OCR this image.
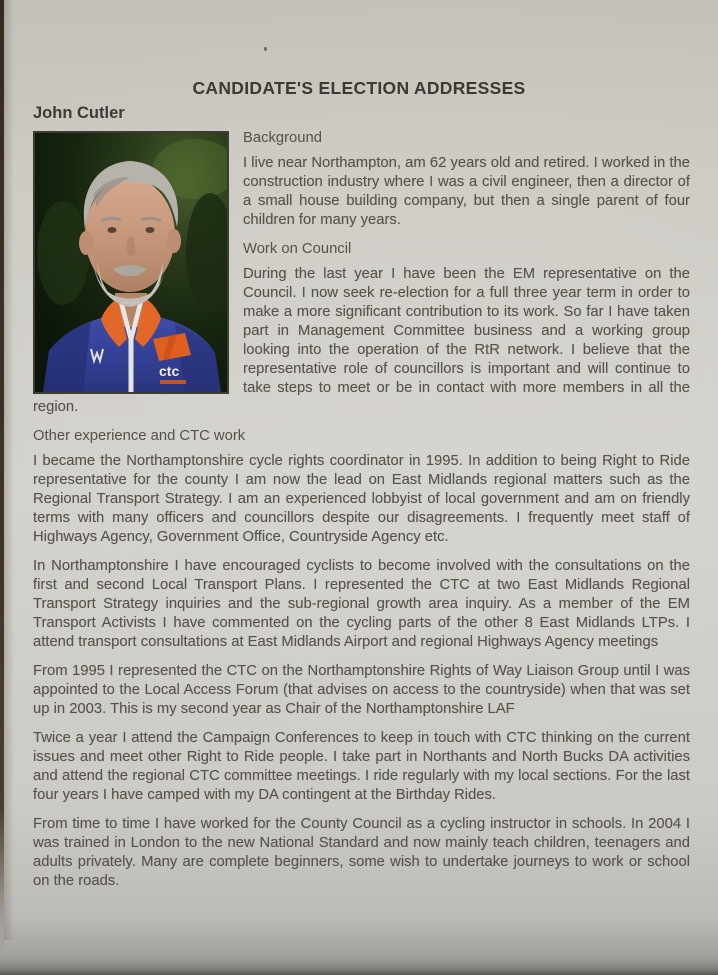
CANDIDATE'S ELECTION ADDRESSES
John Cutler
ctc
Background

I live near Northampton, am 62 years old and retired. I worked in the construction industry where I was a civil engineer, then a director of a small house building company, but then a single parent of four children for many years.

Work on Council

During the last year I have been the EM representative on the Council. I now seek re-election for a full three year term in order to make a more significant contribution to its work. So far I have taken part in Management Committee business and a working group looking into the operation of the RtR network. I believe that the representative role of councillors is important and will continue to take steps to meet or be in contact with more members in all the region.

Other experience and CTC work

I became the Northamptonshire cycle rights coordinator in 1995. In addition to being Right to Ride representative for the county I am now the lead on East Midlands regional matters such as the Regional Transport Strategy. I am an experienced lobbyist of local government and am on friendly terms with many officers and councillors despite our disagreements. I frequently meet staff of Highways Agency, Government Office, Countryside Agency etc.

In Northamptonshire I have encouraged cyclists to become involved with the consultations on the first and second Local Transport Plans. I represented the CTC at two East Midlands Regional Transport Strategy inquiries and the sub-regional growth area inquiry. As a member of the EM Transport Activists I have commented on the cycling parts of the other 8 East Midlands LTPs. I attend transport consultations at East Midlands Airport and regional Highways Agency meetings

From 1995 I represented the CTC on the Northamptonshire Rights of Way Liaison Group until I was appointed to the Local Access Forum (that advises on access to the countryside) when that was set up in 2003. This is my second year as Chair of the Northamptonshire LAF

Twice a year I attend the Campaign Conferences to keep in touch with CTC thinking on the current issues and meet other Right to Ride people. I take part in Northants and North Bucks DA activities and attend the regional CTC committee meetings. I ride regularly with my local sections. For the last four years I have camped with my DA contingent at the Birthday Rides.

From time to time I have worked for the County Council as a cycling instructor in schools. In 2004 I was trained in London to the new National Standard and now mainly teach children, teenagers and adults privately. Many are complete beginners, some wish to undertake journeys to work or school on the roads.
